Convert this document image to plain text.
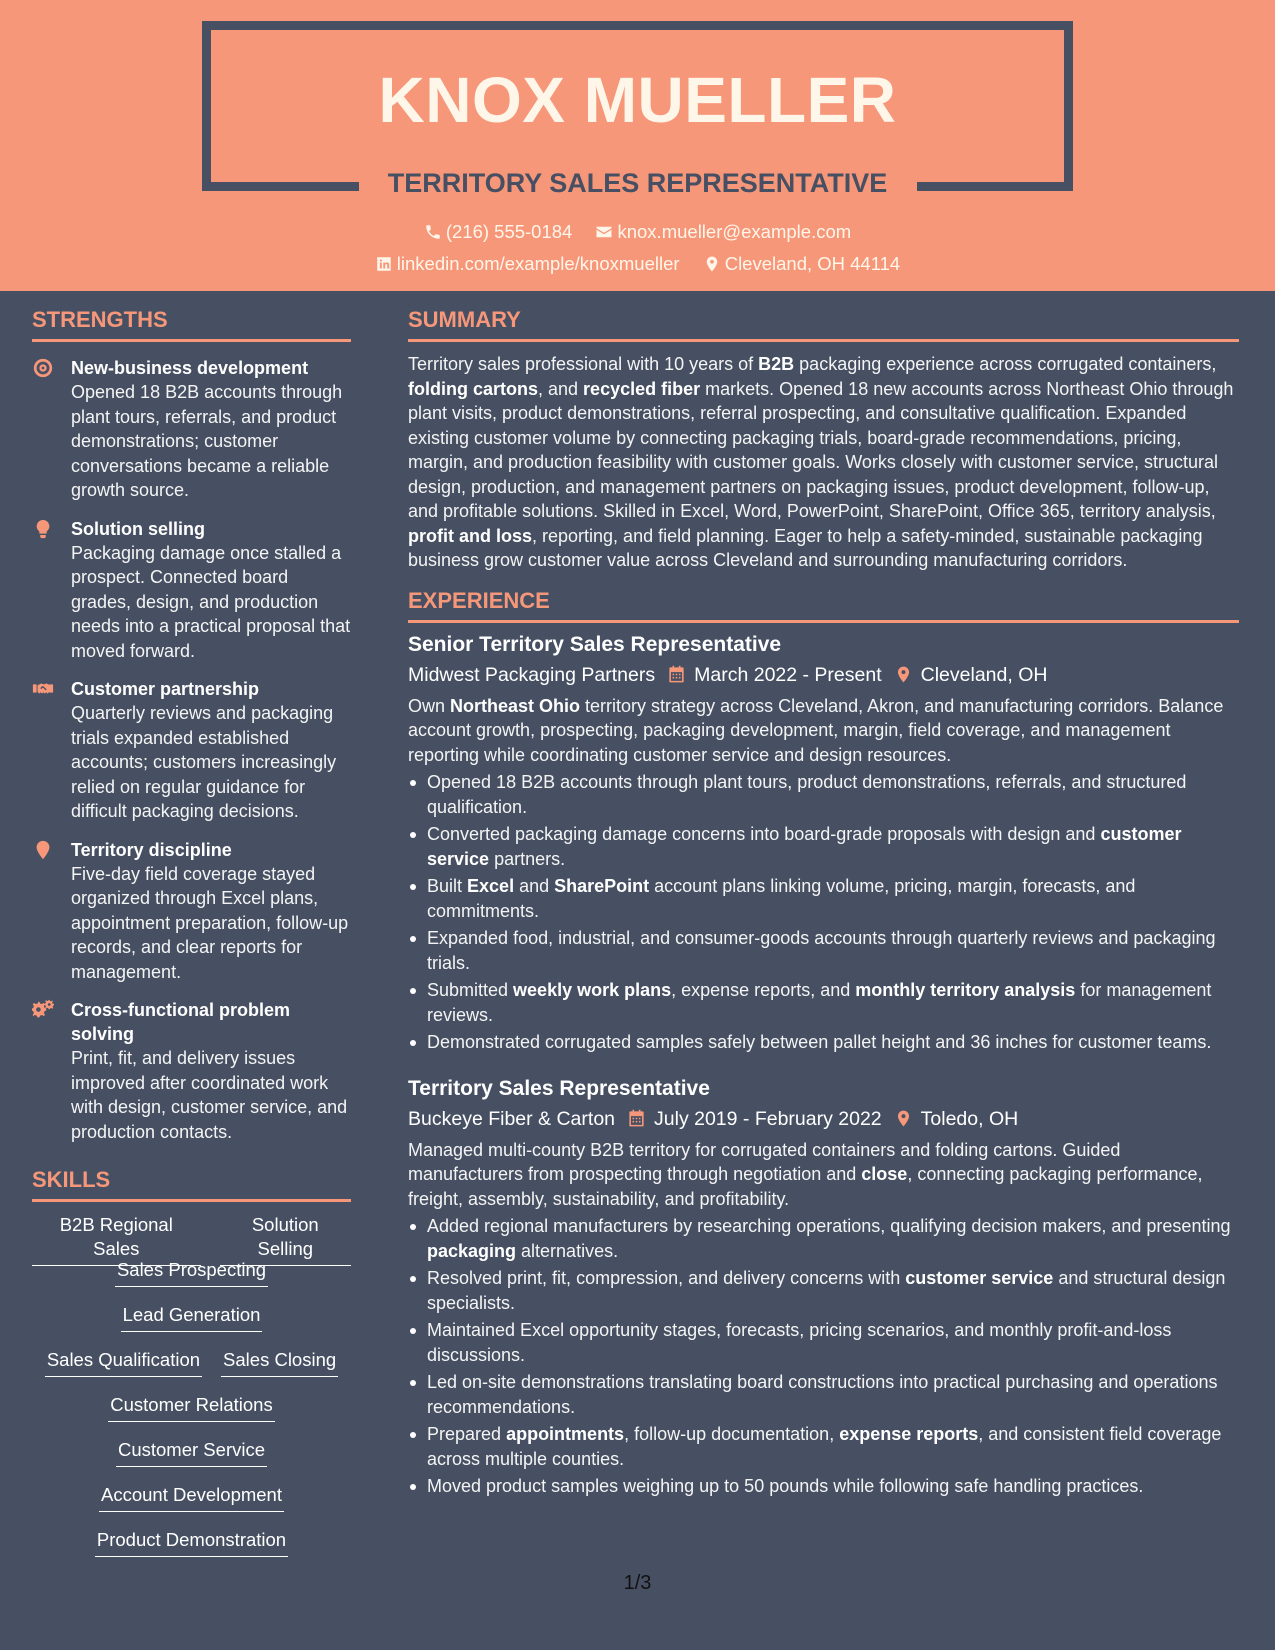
KNOX MUELLER
TERRITORY SALES REPRESENTATIVE
(216) 555-0184
knox.mueller@example.com
linkedin.com/example/knoxmueller
Cleveland, OH 44114
STRENGTHS
New-business development
Opened 18 B2B accounts through plant tours, referrals, and product demonstrations; customer conversations became a reliable growth source.
Solution selling
Packaging damage once stalled a prospect. Connected board grades, design, and production needs into a practical proposal that moved forward.
Customer partnership
Quarterly reviews and packaging trials expanded established accounts; customers increasingly relied on regular guidance for difficult packaging decisions.
Territory discipline
Five-day field coverage stayed organized through Excel plans, appointment preparation, follow-up records, and clear reports for management.
Cross-functional problem solving
Print, fit, and delivery issues improved after coordinated work with design, customer service, and production contacts.
SKILLS
B2B Regional Sales
Solution Selling
Sales Prospecting
Lead Generation
Sales Qualification Sales Closing
Customer Relations
Customer Service
Account Development
Product Demonstration
SUMMARY
Territory sales professional with 10 years of B2B packaging experience across corrugated containers, folding cartons, and recycled fiber markets. Opened 18 new accounts across Northeast Ohio through plant visits, product demonstrations, referral prospecting, and consultative qualification. Expanded existing customer volume by connecting packaging trials, board-grade recommendations, pricing, margin, and production feasibility with customer goals. Works closely with customer service, structural design, production, and management partners on packaging issues, product development, follow-up, and profitable solutions. Skilled in Excel, Word, PowerPoint, SharePoint, Office 365, territory analysis, profit and loss, reporting, and field planning. Eager to help a safety-minded, sustainable packaging business grow customer value across Cleveland and surrounding manufacturing corridors.
EXPERIENCE
Senior Territory Sales Representative
Midwest Packaging Partners March 2022 - Present Cleveland, OH
Own Northeast Ohio territory strategy across Cleveland, Akron, and manufacturing corridors. Balance account growth, prospecting, packaging development, margin, field coverage, and management reporting while coordinating customer service and design resources.
Opened 18 B2B accounts through plant tours, product demonstrations, referrals, and structured qualification.
Converted packaging damage concerns into board-grade proposals with design and customer service partners.
Built Excel and SharePoint account plans linking volume, pricing, margin, forecasts, and commitments.
Expanded food, industrial, and consumer-goods accounts through quarterly reviews and packaging trials.
Submitted weekly work plans, expense reports, and monthly territory analysis for management reviews.
Demonstrated corrugated samples safely between pallet height and 36 inches for customer teams.
Territory Sales Representative
Buckeye Fiber & Carton July 2019 - February 2022 Toledo, OH
Managed multi-county B2B territory for corrugated containers and folding cartons. Guided manufacturers from prospecting through negotiation and close, connecting packaging performance, freight, assembly, sustainability, and profitability.
Added regional manufacturers by researching operations, qualifying decision makers, and presenting packaging alternatives.
Resolved print, fit, compression, and delivery concerns with customer service and structural design specialists.
Maintained Excel opportunity stages, forecasts, pricing scenarios, and monthly profit-and-loss discussions.
Led on-site demonstrations translating board constructions into practical purchasing and operations recommendations.
Prepared appointments, follow-up documentation, expense reports, and consistent field coverage across multiple counties.
Moved product samples weighing up to 50 pounds while following safe handling practices.
1/3
